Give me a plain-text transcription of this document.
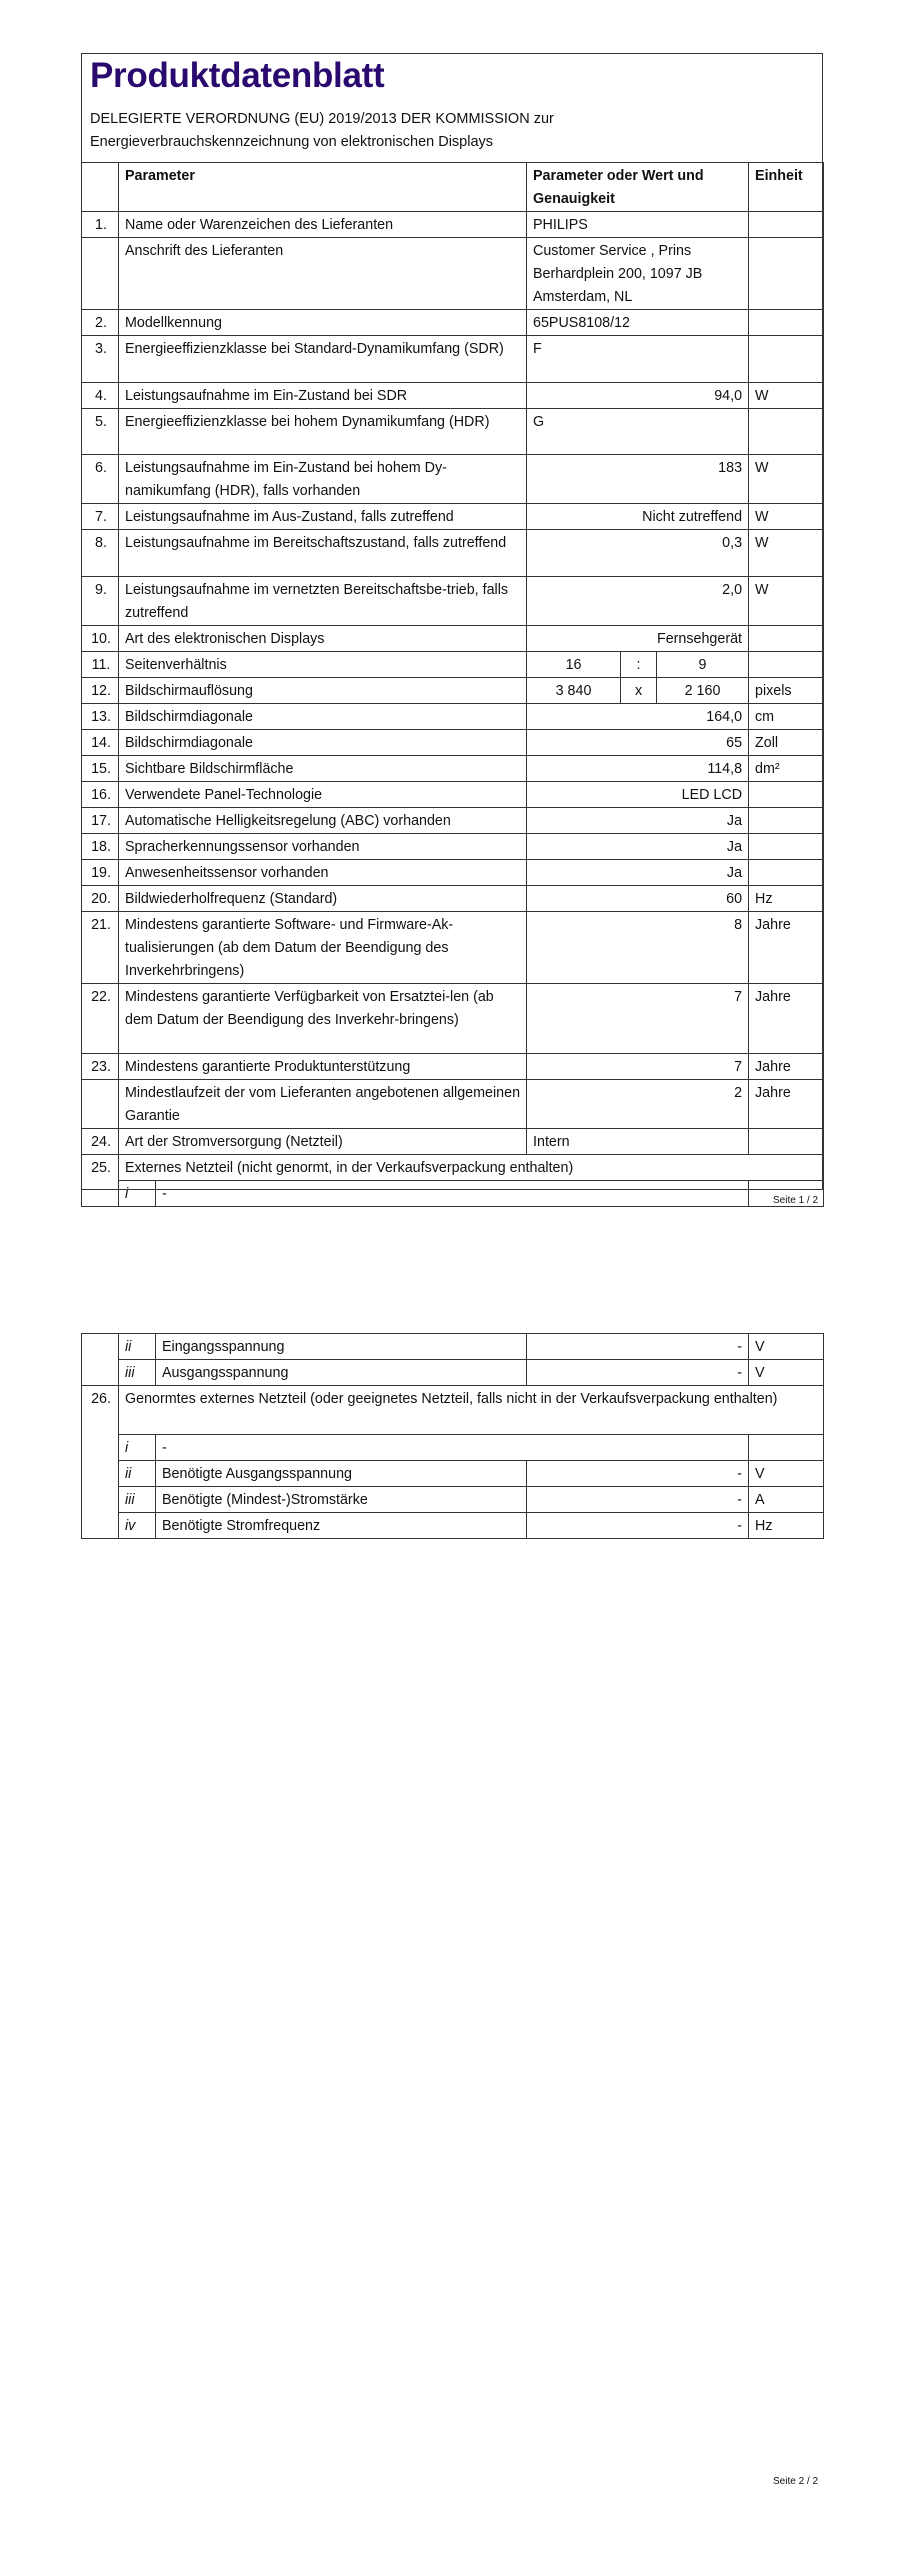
Produktdatenblatt
DELEGIERTE VERORDNUNG (EU) 2019/2013 DER KOMMISSION zur
Energieverbrauchskennzeichnung von elektronischen Displays
	Parameter		Parameter oder Wert und Genauigkeit			Einheit
1.	Name oder Warenzeichen des Lieferanten		PHILIPS			
	Anschrift des Lieferanten		Customer Service , Prins Berhardplein 200, 1097 JB Amsterdam, NL			
2.	Modellkennung		65PUS8108/12			
3.	Energieeffizienzklasse bei Standard-Dynamikumfang (SDR)		F			
4.	Leistungsaufnahme im Ein-Zustand bei SDR		94,0			W
5.	Energieeffizienzklasse bei hohem Dynamikumfang (HDR)		G			
6.	Leistungsaufnahme im Ein-Zustand bei hohem Dy-namikumfang (HDR), falls vorhanden		183			W
7.	Leistungsaufnahme im Aus-Zustand, falls zutreffend		Nicht zutreffend			W
8.	Leistungsaufnahme im Bereitschaftszustand, falls zutreffend		0,3			W
9.	Leistungsaufnahme im vernetzten Bereitschaftsbe-trieb, falls zutreffend		2,0			W
10.	Art des elektronischen Displays		Fernsehgerät			
11.	Seitenverhältnis		16	:	9	
12.	Bildschirmauflösung		3 840	x	2 160	pixels
13.	Bildschirmdiagonale		164,0			cm
14.	Bildschirmdiagonale		65			Zoll
15.	Sichtbare Bildschirmfläche		114,8			dm²
16.	Verwendete Panel-Technologie		LED LCD			
17.	Automatische Helligkeitsregelung (ABC) vorhanden		Ja			
18.	Spracherkennungssensor vorhanden		Ja			
19.	Anwesenheitssensor vorhanden		Ja			
20.	Bildwiederholfrequenz (Standard)		60			Hz
21.	Mindestens garantierte Software- und Firmware-Ak-tualisierungen (ab dem Datum der Beendigung des Inverkehrbringens)		8			Jahre
22.	Mindestens garantierte Verfügbarkeit von Ersatztei-len (ab dem Datum der Beendigung des Inverkehr-bringens)		7			Jahre
23.	Mindestens garantierte Produktunterstützung		7			Jahre
	Mindestlaufzeit der vom Lieferanten angebotenen allgemeinen Garantie		2			Jahre
24.	Art der Stromversorgung (Netzteil)		Intern			
25.	Externes Netzteil (nicht genormt, in der Verkaufsverpackung enthalten)					
	i	-					Seite 1 / 2
	ii	Eingangsspannung	-	V
	iii	Ausgangsspannung	-	V
26.	Genormtes externes Netzteil (oder geeignetes Netzteil, falls nicht in der Verkaufsverpackung enthalten)			
	i	-		
	ii	Benötigte Ausgangsspannung	-	V
	iii	Benötigte (Mindest-)Stromstärke	-	A
	iv	Benötigte Stromfrequenz	-	Hz
Seite 2 / 2
